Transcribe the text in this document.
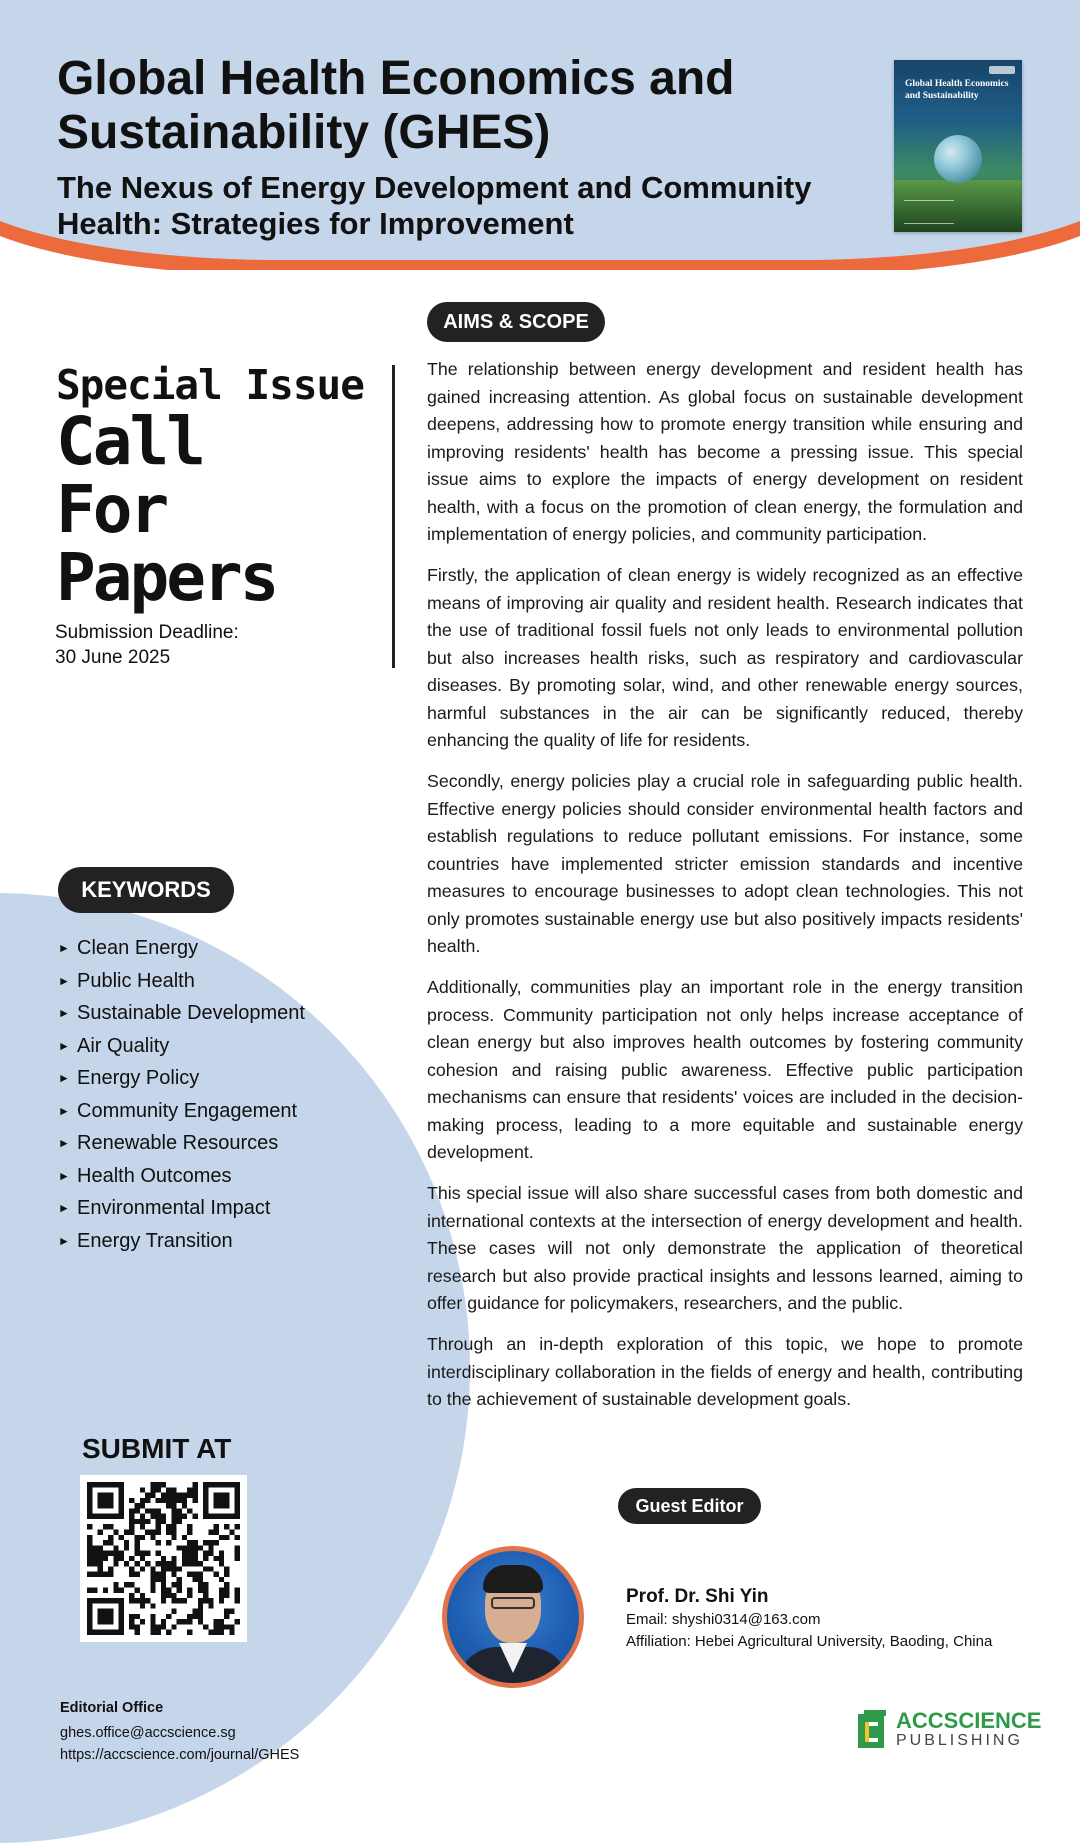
Global Health Economics and Sustainability (GHES)
The Nexus of Energy Development and Community Health: Strategies for Improvement
Global Health Economics and Sustainability
Special Issue
Call
For
Papers
Submission Deadline:
30 June 2025
KEYWORDS
► Clean Energy
► Public Health
► Sustainable Development
► Air Quality
► Energy Policy
► Community Engagement
► Renewable Resources
► Health Outcomes
► Environmental Impact
► Energy Transition
SUBMIT AT
Editorial Office
ghes.office@accscience.sg
https://accscience.com/journal/GHES
AIMS & SCOPE

The relationship between energy development and resident health has gained increasing attention. As global focus on sustainable development deepens, addressing how to promote energy transition while ensuring and improving residents' health has become a pressing issue. This special issue aims to explore the impacts of energy development on resident health, with a focus on the promotion of clean energy, the formulation and implementation of energy policies, and community participation.

Firstly, the application of clean energy is widely recognized as an effective means of improving air quality and resident health. Research indicates that the use of traditional fossil fuels not only leads to environmental pollution but also increases health risks, such as respiratory and cardiovascular diseases. By promoting solar, wind, and other renewable energy sources, harmful substances in the air can be significantly reduced, thereby enhancing the quality of life for residents.

Secondly, energy policies play a crucial role in safeguarding public health. Effective energy policies should consider environmental health factors and establish regulations to reduce pollutant emissions. For instance, some countries have implemented stricter emission standards and incentive measures to encourage businesses to adopt clean technologies. This not only promotes sustainable energy use but also positively impacts residents' health.

Additionally, communities play an important role in the energy transition process. Community participation not only helps increase acceptance of clean energy but also improves health outcomes by fostering community cohesion and raising public awareness. Effective public participation mechanisms can ensure that residents' voices are included in the decision-making process, leading to a more equitable and sustainable energy development.

This special issue will also share successful cases from both domestic and international contexts at the intersection of energy development and health. These cases will not only demonstrate the application of theoretical research but also provide practical insights and lessons learned, aiming to offer guidance for policymakers, researchers, and the public.

Through an in-depth exploration of this topic, we hope to promote interdisciplinary collaboration in the fields of energy and health, contributing to the achievement of sustainable development goals.

Guest Editor
Prof. Dr. Shi Yin
Email: shyshi0314@163.com
Affiliation: Hebei Agricultural University, Baoding, China
ACCSCIENCE
PUBLISHING
